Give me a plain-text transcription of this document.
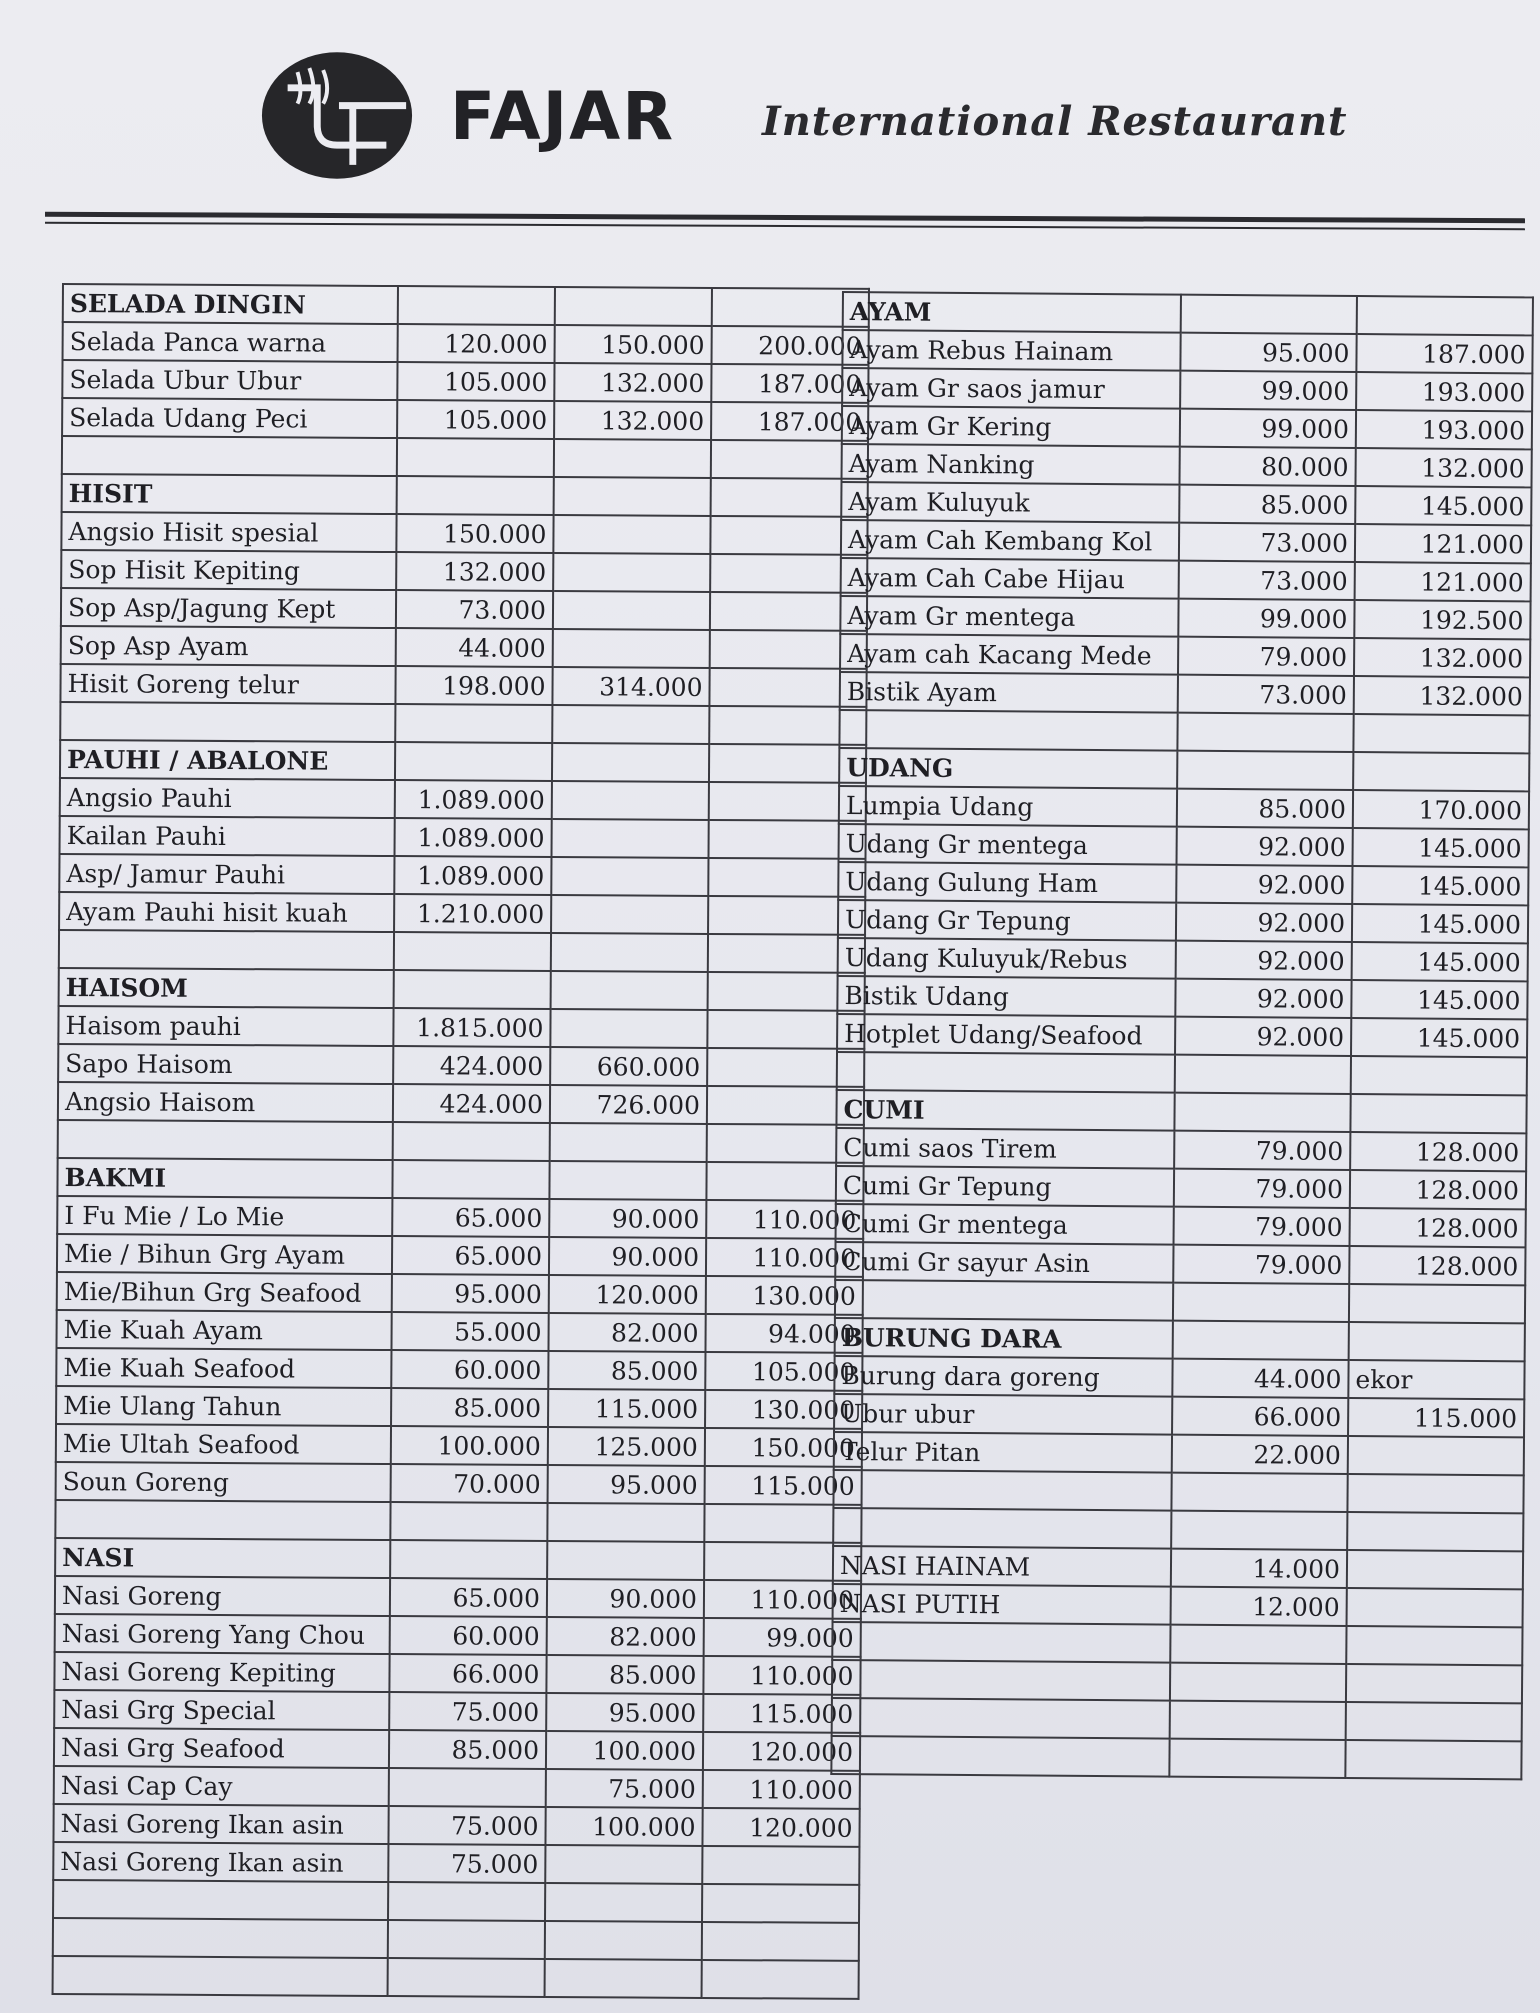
FAJAR International Restaurant
SELADA DINGIN			
Selada Panca warna	120.000	150.000	200.000
Selada Ubur Ubur	105.000	132.000	187.000
Selada Udang Peci	105.000	132.000	187.000

HISIT			
Angsio Hisit spesial	150.000		
Sop Hisit Kepiting	132.000		
Sop Asp/Jagung Kept	73.000		
Sop Asp Ayam	44.000		
Hisit Goreng telur	198.000	314.000	

PAUHI / ABALONE			
Angsio Pauhi	1.089.000		
Kailan Pauhi	1.089.000		
Asp/ Jamur Pauhi	1.089.000		
Ayam Pauhi hisit kuah	1.210.000		

HAISOM			
Haisom pauhi	1.815.000		
Sapo Haisom	424.000	660.000	
Angsio Haisom	424.000	726.000	

BAKMI			
I Fu Mie / Lo Mie	65.000	90.000	110.000
Mie / Bihun Grg Ayam	65.000	90.000	110.000
Mie/Bihun Grg Seafood	95.000	120.000	130.000
Mie Kuah Ayam	55.000	82.000	94.000
Mie Kuah Seafood	60.000	85.000	105.000
Mie Ulang Tahun	85.000	115.000	130.000
Mie Ultah Seafood	100.000	125.000	150.000
Soun Goreng	70.000	95.000	115.000

NASI			
Nasi Goreng	65.000	90.000	110.000
Nasi Goreng Yang Chou	60.000	82.000	99.000
Nasi Goreng Kepiting	66.000	85.000	110.000
Nasi Grg Special	75.000	95.000	115.000
Nasi Grg Seafood	85.000	100.000	120.000
Nasi Cap Cay		75.000	110.000
Nasi Goreng Ikan asin	75.000	100.000	120.000
Nasi Goreng Ikan asin	75.000		

AYAM		
Ayam Rebus Hainam	95.000	187.000
Ayam Gr saos jamur	99.000	193.000
Ayam Gr Kering	99.000	193.000
Ayam Nanking	80.000	132.000
Ayam Kuluyuk	85.000	145.000
Ayam Cah Kembang Kol	73.000	121.000
Ayam Cah Cabe Hijau	73.000	121.000
Ayam Gr mentega	99.000	192.500
Ayam cah Kacang Mede	79.000	132.000
Bistik Ayam	73.000	132.000

UDANG		
Lumpia Udang	85.000	170.000
Udang Gr mentega	92.000	145.000
Udang Gulung Ham	92.000	145.000
Udang Gr Tepung	92.000	145.000
Udang Kuluyuk/Rebus	92.000	145.000
Bistik Udang	92.000	145.000
Hotplet Udang/Seafood	92.000	145.000

CUMI		
Cumi saos Tirem	79.000	128.000
Cumi Gr Tepung	79.000	128.000
Cumi Gr mentega	79.000	128.000
Cumi Gr sayur Asin	79.000	128.000

BURUNG DARA		
Burung dara goreng	44.000	ekor
Ubur ubur	66.000	115.000
Telur Pitan	22.000	

NASI HAINAM	14.000	
NASI PUTIH	12.000	
